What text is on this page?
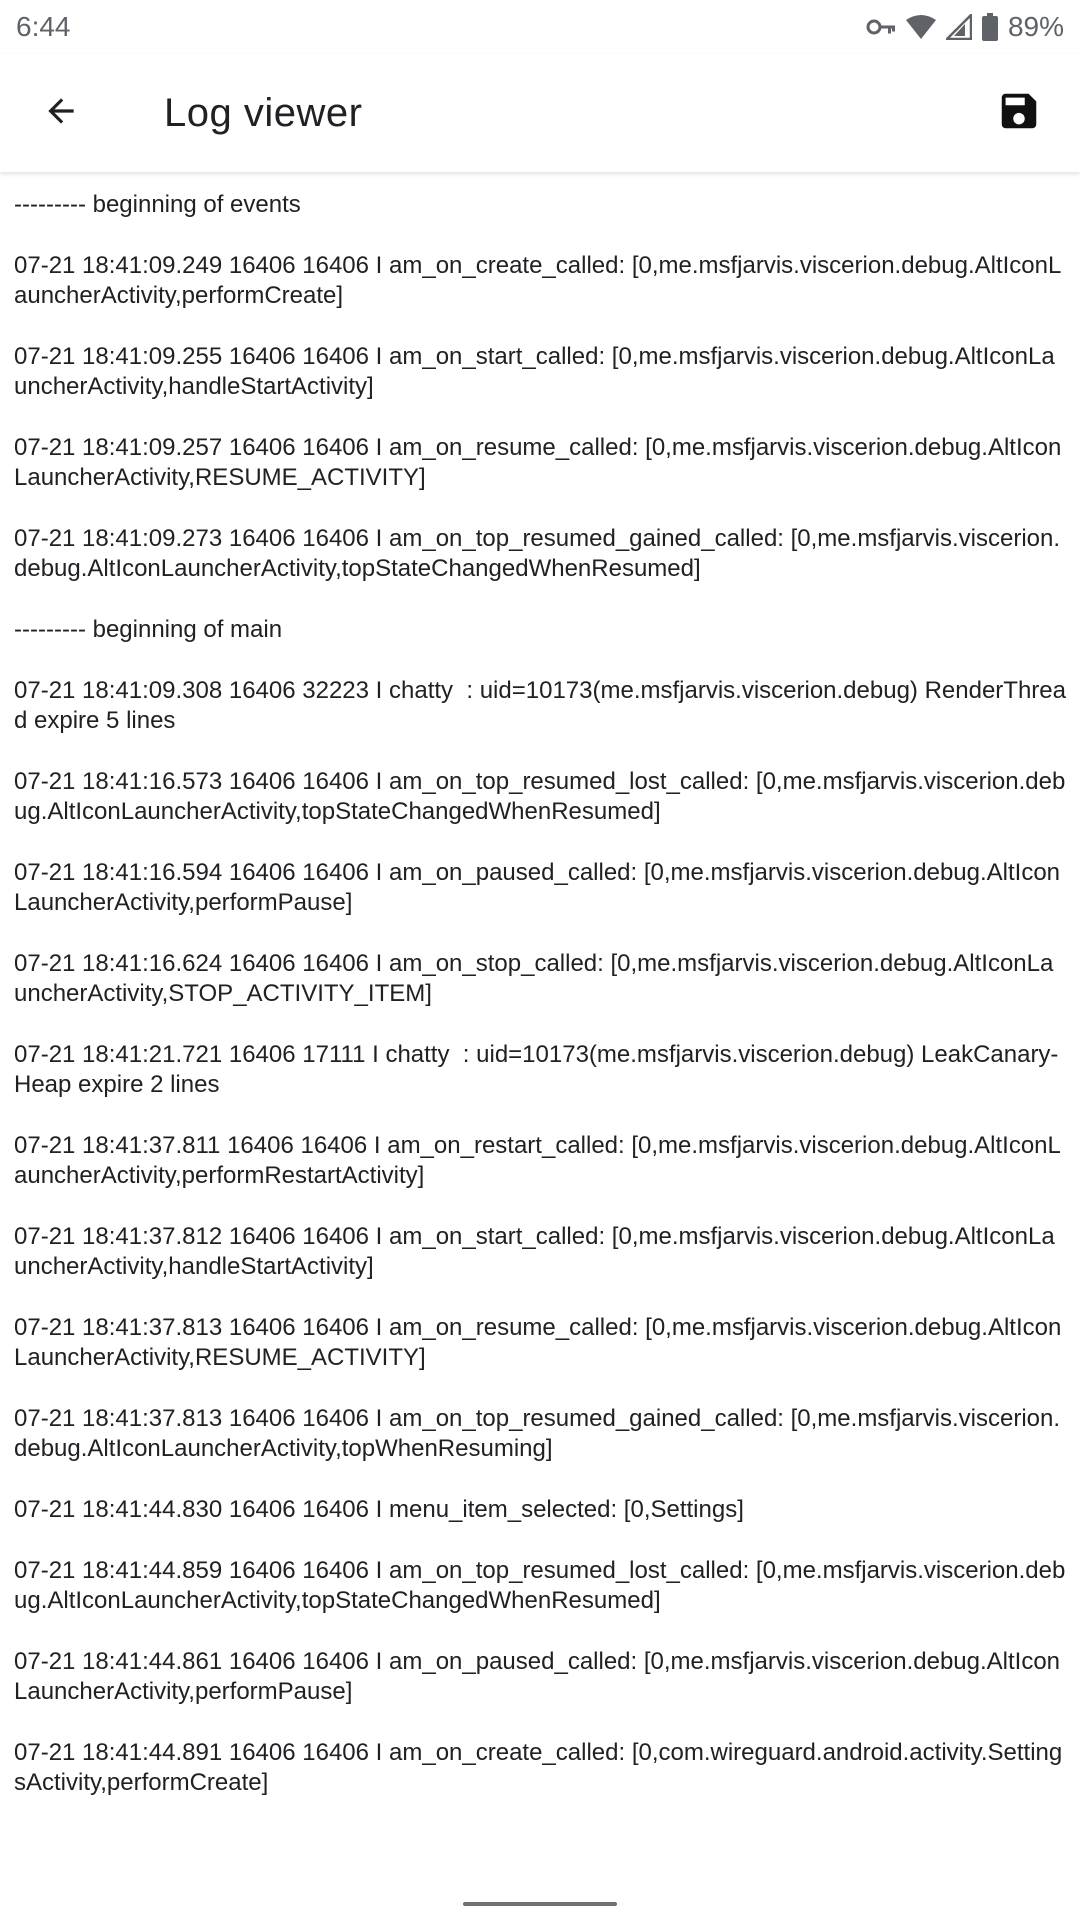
6:44	89%
Log viewer
--------- beginning of events
07-21 18:41:09.249 16406 16406 I am_on_create_called: [0,me.msfjarvis.viscerion.debug.AltIconLauncherActivity,performCreate]
07-21 18:41:09.255 16406 16406 I am_on_start_called: [0,me.msfjarvis.viscerion.debug.AltIconLauncherActivity,handleStartActivity]
07-21 18:41:09.257 16406 16406 I am_on_resume_called: [0,me.msfjarvis.viscerion.debug.AltIconLauncherActivity,RESUME_ACTIVITY]
07-21 18:41:09.273 16406 16406 I am_on_top_resumed_gained_called: [0,me.msfjarvis.viscerion.debug.AltIconLauncherActivity,topStateChangedWhenResumed]
--------- beginning of main
07-21 18:41:09.308 16406 32223 I chatty  : uid=10173(me.msfjarvis.viscerion.debug) RenderThread expire 5 lines
07-21 18:41:16.573 16406 16406 I am_on_top_resumed_lost_called: [0,me.msfjarvis.viscerion.debug.AltIconLauncherActivity,topStateChangedWhenResumed]
07-21 18:41:16.594 16406 16406 I am_on_paused_called: [0,me.msfjarvis.viscerion.debug.AltIconLauncherActivity,performPause]
07-21 18:41:16.624 16406 16406 I am_on_stop_called: [0,me.msfjarvis.viscerion.debug.AltIconLauncherActivity,STOP_ACTIVITY_ITEM]
07-21 18:41:21.721 16406 17111 I chatty  : uid=10173(me.msfjarvis.viscerion.debug) LeakCanary-Heap expire 2 lines
07-21 18:41:37.811 16406 16406 I am_on_restart_called: [0,me.msfjarvis.viscerion.debug.AltIconLauncherActivity,performRestartActivity]
07-21 18:41:37.812 16406 16406 I am_on_start_called: [0,me.msfjarvis.viscerion.debug.AltIconLauncherActivity,handleStartActivity]
07-21 18:41:37.813 16406 16406 I am_on_resume_called: [0,me.msfjarvis.viscerion.debug.AltIconLauncherActivity,RESUME_ACTIVITY]
07-21 18:41:37.813 16406 16406 I am_on_top_resumed_gained_called: [0,me.msfjarvis.viscerion.debug.AltIconLauncherActivity,topWhenResuming]
07-21 18:41:44.830 16406 16406 I menu_item_selected: [0,Settings]
07-21 18:41:44.859 16406 16406 I am_on_top_resumed_lost_called: [0,me.msfjarvis.viscerion.debug.AltIconLauncherActivity,topStateChangedWhenResumed]
07-21 18:41:44.861 16406 16406 I am_on_paused_called: [0,me.msfjarvis.viscerion.debug.AltIconLauncherActivity,performPause]
07-21 18:41:44.891 16406 16406 I am_on_create_called: [0,com.wireguard.android.activity.SettingsActivity,performCreate]
